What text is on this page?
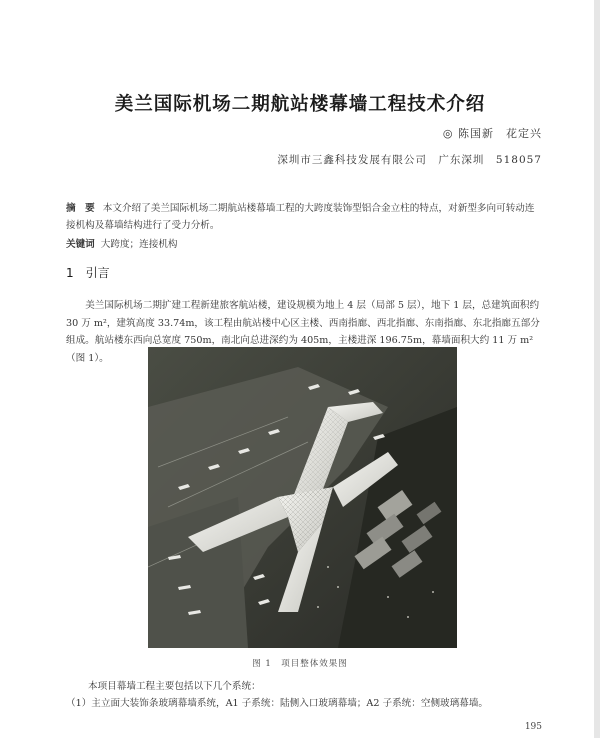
美兰国际机场二期航站楼幕墙工程技术介绍
◎ 陈国新　花定兴
深圳市三鑫科技发展有限公司　广东深圳　518057
摘　要 本文介绍了美兰国际机场二期航站楼幕墙工程的大跨度装饰型铝合金立柱的特点，对新型多向可转动连接机构及幕墙结构进行了受力分析。
关键词 大跨度；连接机构
1 引言
美兰国际机场二期扩建工程新建旅客航站楼，建设规模为地上 4 层（局部 5 层），地下 1 层，总建筑面积约 30 万 m²，建筑高度 33.74m，该工程由航站楼中心区主楼、西南指廊、西北指廊、东南指廊、东北指廊五部分组成。航站楼东西向总宽度 750m，南北向总进深约为 405m，主楼进深 196.75m，幕墙面积大约 11 万 m²（图 1）。
图 1　项目整体效果图
本项目幕墙工程主要包括以下几个系统：
（1）主立面大装饰条玻璃幕墙系统，A1 子系统：陆侧入口玻璃幕墙；A2 子系统：空侧玻璃幕墙。
195
